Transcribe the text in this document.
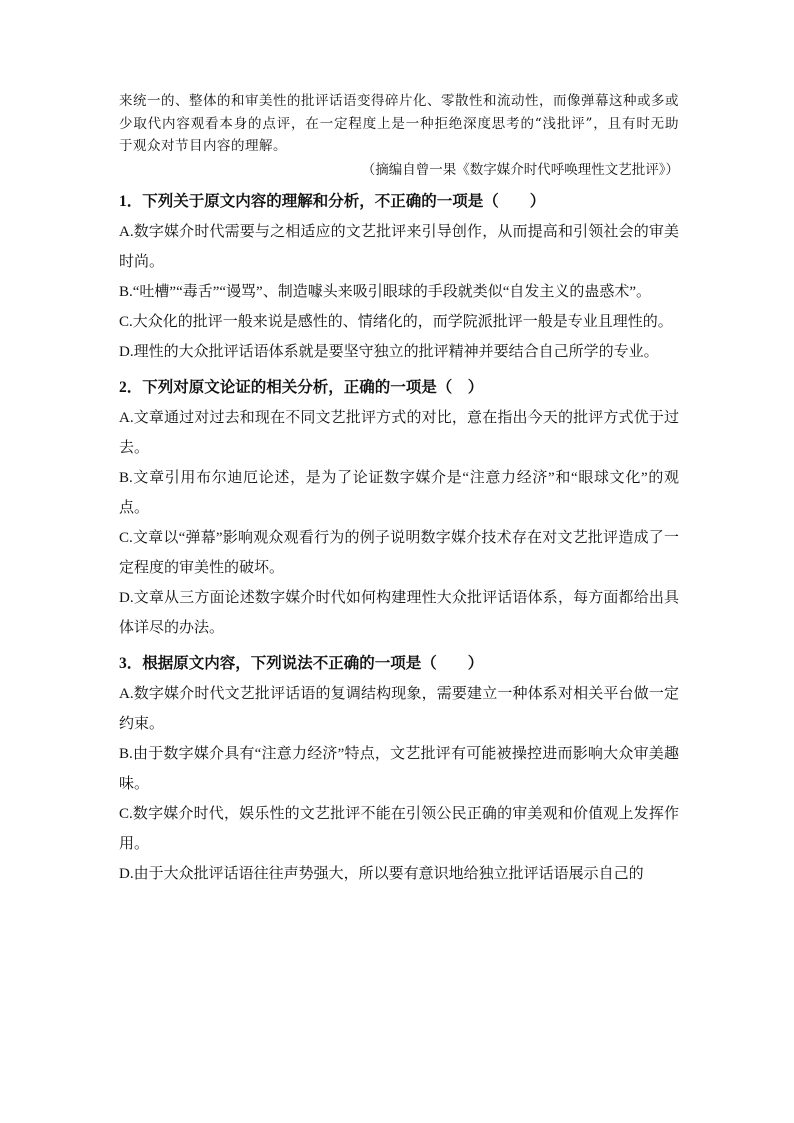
来统一的、整体的和审美性的批评话语变得碎片化、零散性和流动性，而像弹幕这种或多或少取代内容观看本身的点评，在一定程度上是一种拒绝深度思考的“浅批评”，且有时无助于观众对节目内容的理解。

（摘编自曾一果《数字媒介时代呼唤理性文艺批评》）

1．下列关于原文内容的理解和分析，不正确的一项是（　　）

A.数字媒介时代需要与之相适应的文艺批评来引导创作，从而提高和引领社会的审美时尚。

B.“吐槽”“毒舌”“谩骂”、制造噱头来吸引眼球的手段就类似“自发主义的蛊惑术”。

C.大众化的批评一般来说是感性的、情绪化的，而学院派批评一般是专业且理性的。

D.理性的大众批评话语体系就是要坚守独立的批评精神并要结合自己所学的专业。

2．下列对原文论证的相关分析，正确的一项是（　）

A.文章通过对过去和现在不同文艺批评方式的对比，意在指出今天的批评方式优于过去。

B.文章引用布尔迪厄论述，是为了论证数字媒介是“注意力经济”和“眼球文化”的观点。

C.文章以“弹幕”影响观众观看行为的例子说明数字媒介技术存在对文艺批评造成了一定程度的审美性的破坏。

D.文章从三方面论述数字媒介时代如何构建理性大众批评话语体系，每方面都给出具体详尽的办法。

3．根据原文内容，下列说法不正确的一项是（　　）

A.数字媒介时代文艺批评话语的复调结构现象，需要建立一种体系对相关平台做一定约束。

B.由于数字媒介具有“注意力经济”特点，文艺批评有可能被操控进而影响大众审美趣味。

C.数字媒介时代，娱乐性的文艺批评不能在引领公民正确的审美观和价值观上发挥作用。

D.由于大众批评话语往往声势强大，所以要有意识地给独立批评话语展示自己的
